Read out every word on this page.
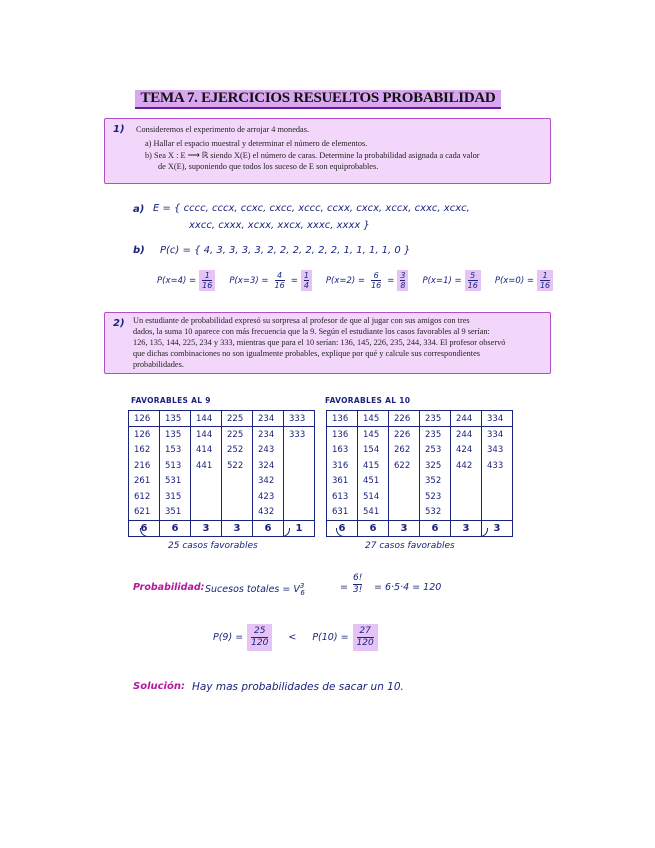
TEMA 7. EJERCICIOS RESUELTOS PROBABILIDAD
1) Consideremos el experimento de arrojar 4 monedas.
a) Hallar el espacio muestral y determinar el número de elementos.
b) Sea X : E ⟶ ℝ siendo X(E) el número de caras. Determine la probabilidad asignada a cada valor
de X(E), suponiendo que todos los suceso de E son equiprobables.
a) E = { cccc, cccx, ccxc, cxcc, xccc, ccxx, cxcx, xccx, cxxc, xcxc,
xxcc, cxxx, xcxx, xxcx, xxxc, xxxx }
b) P(c) = { 4, 3, 3, 3, 3, 2, 2, 2, 2, 2, 2, 1, 1, 1, 1, 0 }
$P(x=4) = \frac{1}{16} P(x=3) = \frac{4}{16} = \frac{1}{4} P(x=2) = \frac{6}{16} = \frac{3}{8} P(x=1) = \frac{5}{16} P(x=0) = \frac{1}{16}$
2) Un estudiante de probabilidad expresó su sorpresa al profesor de que al jugar con sus amigos con tres
dados, la suma 10 aparece con más frecuencia que la 9. Según el estudiante los casos favorables al 9 serían:
126, 135, 144, 225, 234 y 333, mientras que para el 10 serían: 136, 145, 226, 235, 244, 334. El profesor observó
que dichas combinaciones no son igualmente probables, explique por qué y calcule sus correspondientes
probabilidades.
FAVORABLES AL 9
126	135	144	225	234	333
126	135	144	225	234	333
162	153	414	252	243	
216	513	441	522	324	
261	531			342	
612	315			423	
621	351			432	
6	6	3	3	6	1
25 casos favorables
FAVORABLES AL 10
136	145	226	235	244	334
136	145	226	235	244	334
163	154	262	253	424	343
316	415	622	325	442	433
361	451		352		
613	514		523		
631	541		532		
6	6	3	6	3	3
27 casos favorables
Probabilidad: Sucesos totales = $V^3_6$
=
6!
3! = 6·5·4 = 120
$P(9) = \frac{25}{120} < P(10) = \frac{27}{120}$
Solución: Hay mas probabilidades de sacar un 10.
